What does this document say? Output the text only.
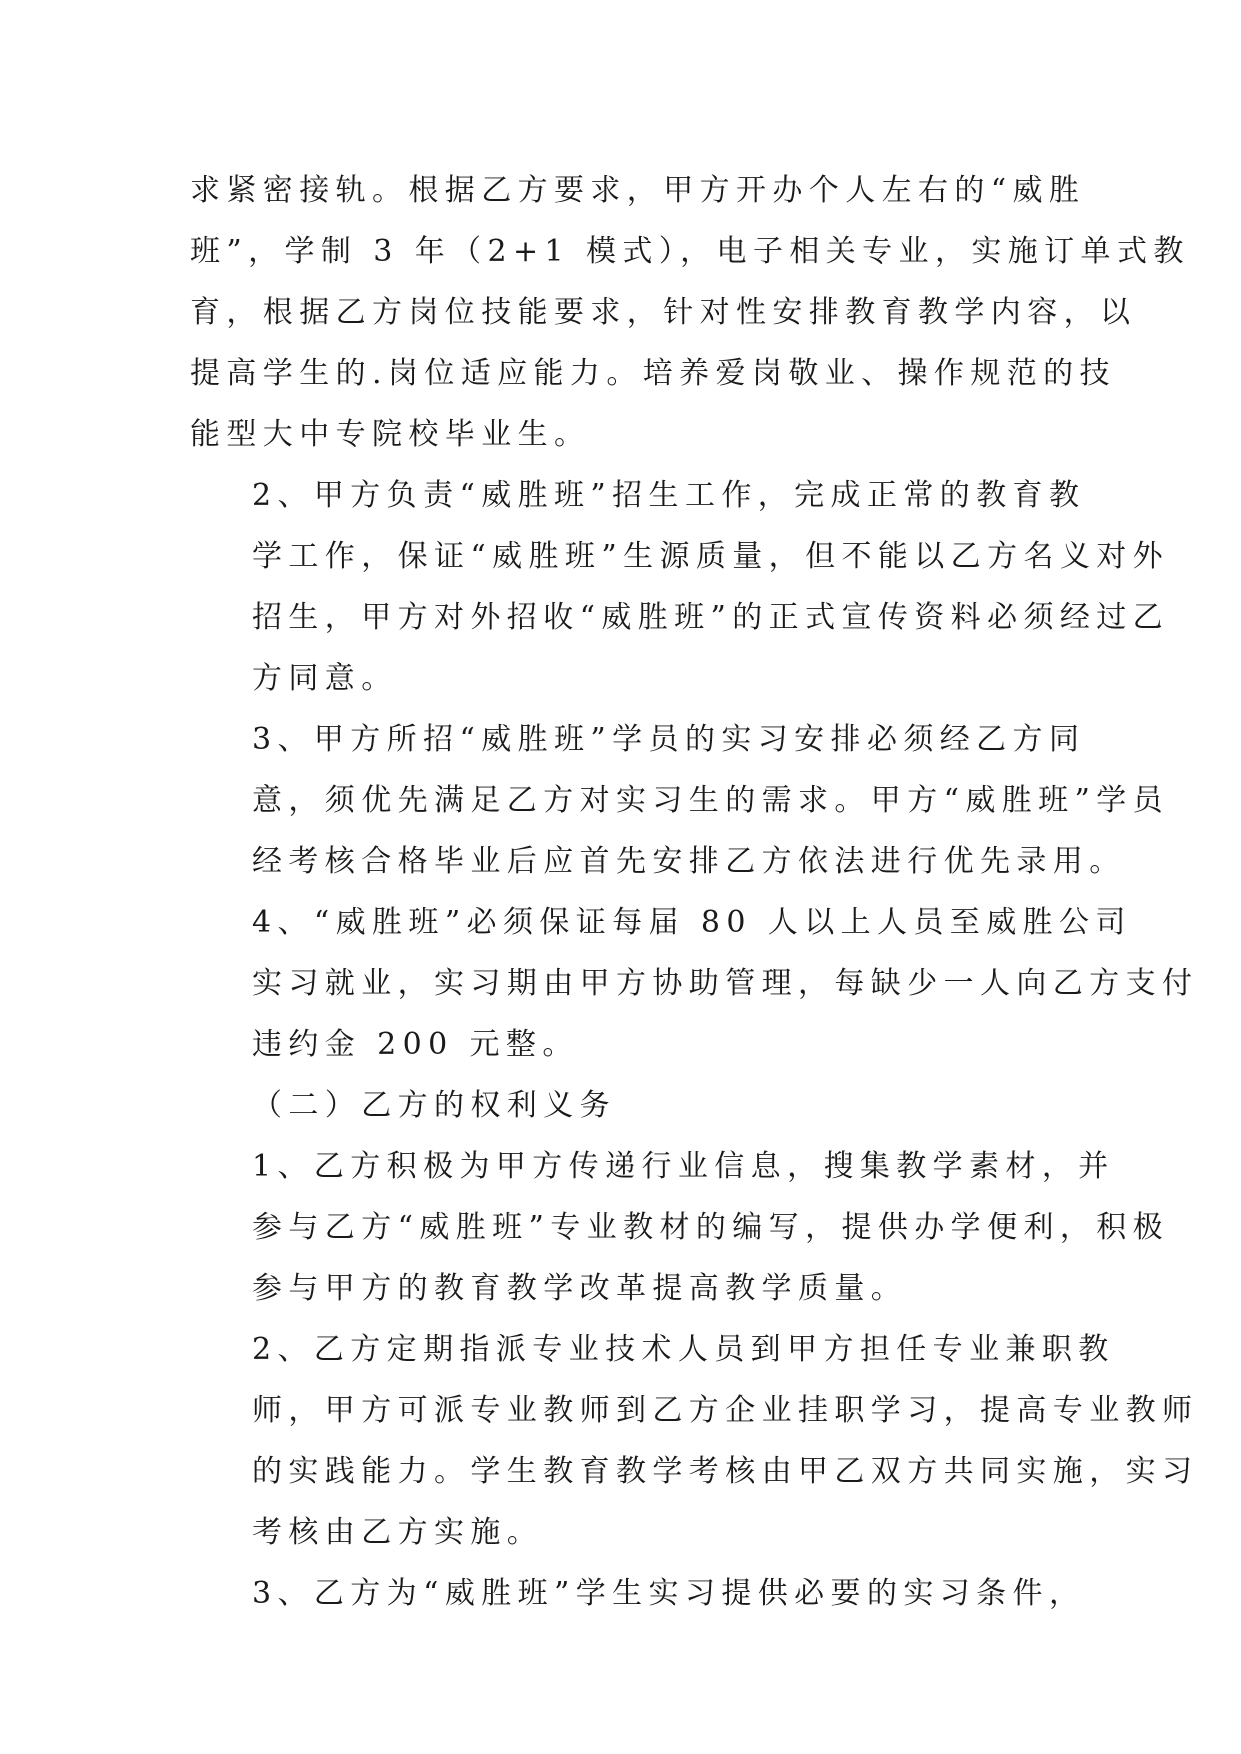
求紧密接轨。根据乙方要求，甲方开办个人左右的“威胜
班”，学制 3 年（2+1 模式），电子相关专业，实施订单式教
育，根据乙方岗位技能要求，针对性安排教育教学内容，以
提高学生的.岗位适应能力。培养爱岗敬业、操作规范的技
能型大中专院校毕业生。

2、甲方负责“威胜班”招生工作，完成正常的教育教
学工作，保证“威胜班”生源质量，但不能以乙方名义对外
招生，甲方对外招收“威胜班”的正式宣传资料必须经过乙
方同意。

3、甲方所招“威胜班”学员的实习安排必须经乙方同
意，须优先满足乙方对实习生的需求。甲方“威胜班”学员
经考核合格毕业后应首先安排乙方依法进行优先录用。

4、“威胜班”必须保证每届 80 人以上人员至威胜公司
实习就业，实习期由甲方协助管理，每缺少一人向乙方支付
违约金 200 元整。

（二）乙方的权利义务

1、乙方积极为甲方传递行业信息，搜集教学素材，并
参与乙方“威胜班”专业教材的编写，提供办学便利，积极
参与甲方的教育教学改革提高教学质量。

2、乙方定期指派专业技术人员到甲方担任专业兼职教
师，甲方可派专业教师到乙方企业挂职学习，提高专业教师
的实践能力。学生教育教学考核由甲乙双方共同实施，实习
考核由乙方实施。

3、乙方为“威胜班”学生实习提供必要的实习条件，
